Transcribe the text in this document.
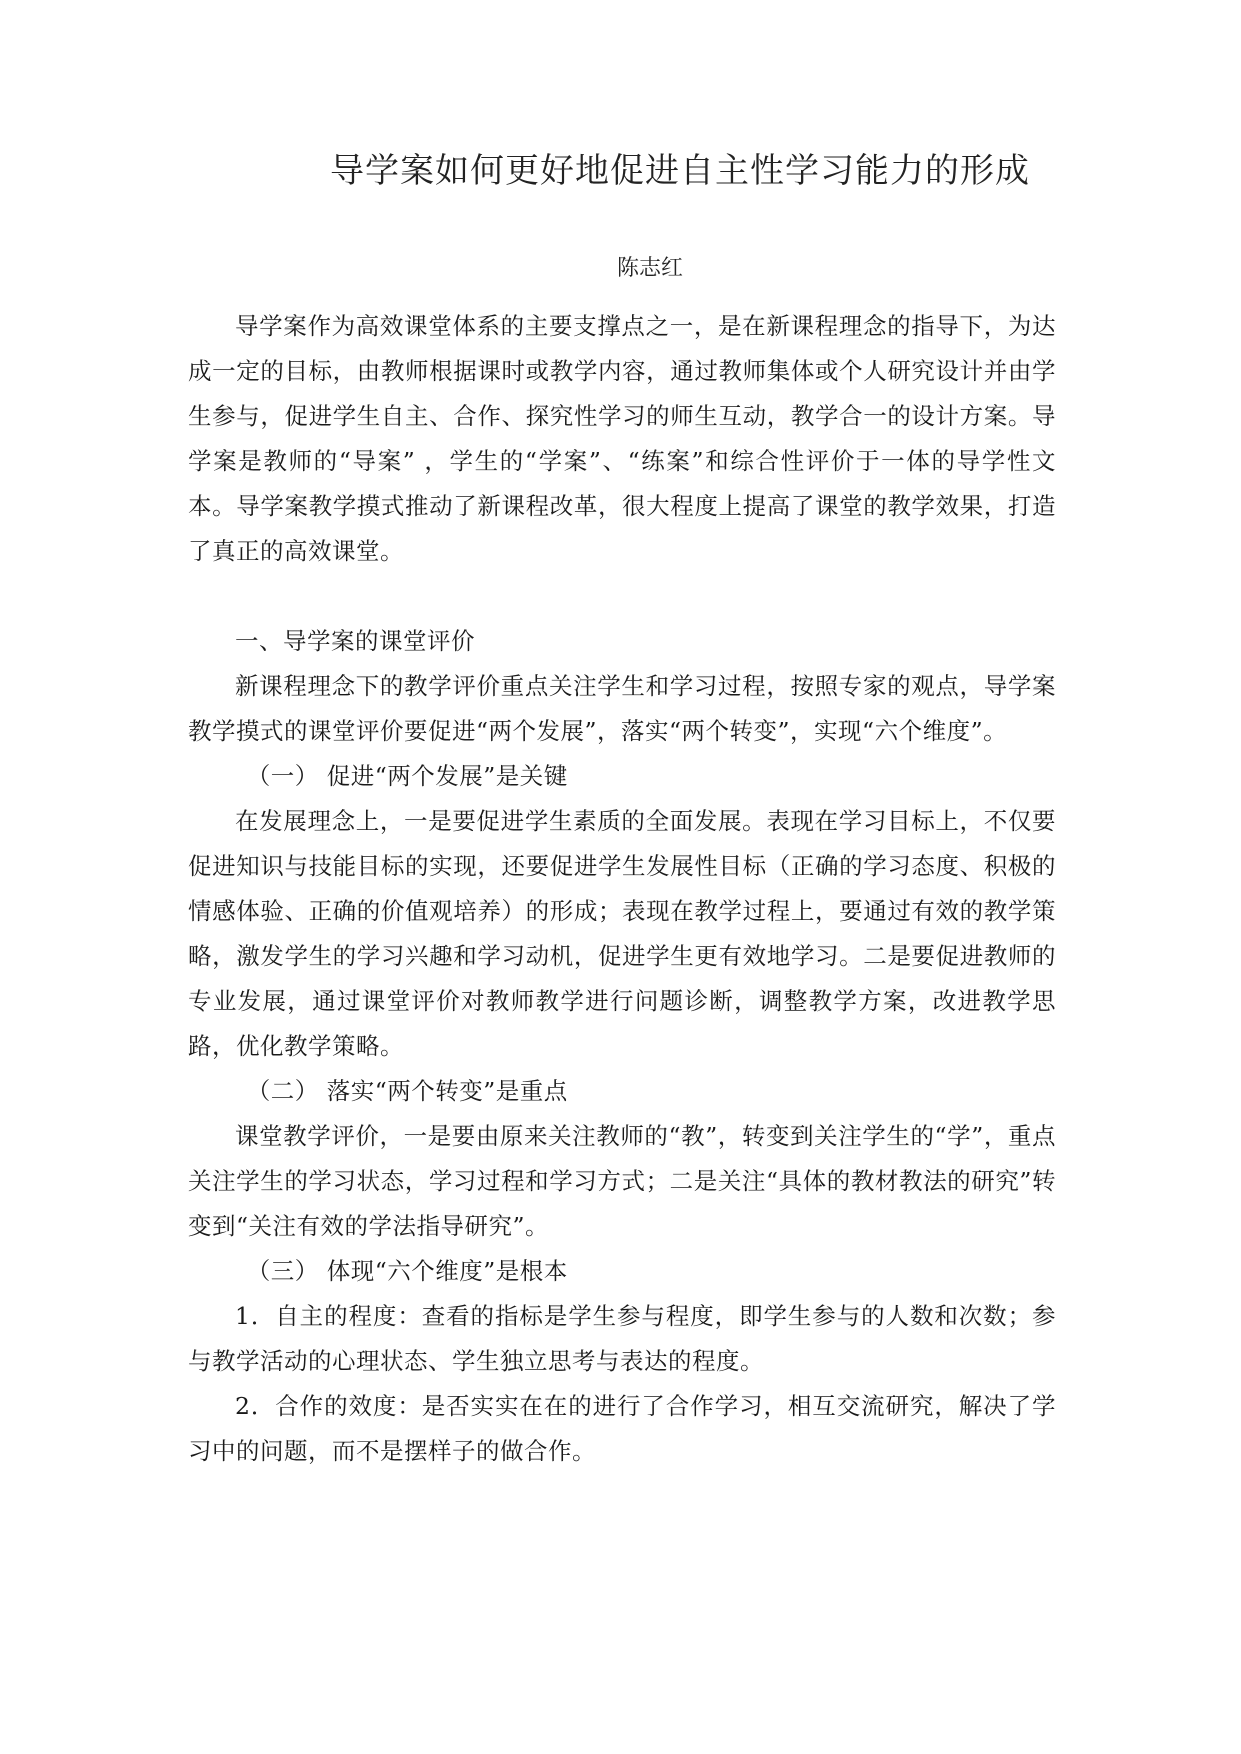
导学案如何更好地促进自主性学习能力的形成
陈志红

导学案作为高效课堂体系的主要支撑点之一，是在新课程理念的指导下，为达成一定的目标，由教师根据课时或教学内容，通过教师集体或个人研究设计并由学生参与，促进学生自主、合作、探究性学习的师生互动，教学合一的设计方案。导学案是教师的“导案” ，学生的“学案”、“练案”和综合性评价于一体的导学性文本。导学案教学摸式推动了新课程改革，很大程度上提高了课堂的教学效果，打造了真正的高效课堂。

一、导学案的课堂评价

新课程理念下的教学评价重点关注学生和学习过程，按照专家的观点，导学案教学摸式的课堂评价要促进“两个发展”，落实“两个转变”，实现“六个维度”。

（一） 促进“两个发展”是关键

在发展理念上，一是要促进学生素质的全面发展。表现在学习目标上，不仅要促进知识与技能目标的实现，还要促进学生发展性目标（正确的学习态度、积极的情感体验、正确的价值观培养）的形成；表现在教学过程上，要通过有效的教学策略，激发学生的学习兴趣和学习动机，促进学生更有效地学习。二是要促进教师的专业发展，通过课堂评价对教师教学进行问题诊断，调整教学方案，改进教学思路，优化教学策略。

（二） 落实“两个转变”是重点

课堂教学评价，一是要由原来关注教师的“教”，转变到关注学生的“学”，重点关注学生的学习状态，学习过程和学习方式；二是关注“具体的教材教法的研究”转变到“关注有效的学法指导研究”。

（三） 体现“六个维度”是根本

1．自主的程度：查看的指标是学生参与程度，即学生参与的人数和次数；参与教学活动的心理状态、学生独立思考与表达的程度。

2．合作的效度：是否实实在在的进行了合作学习，相互交流研究，解决了学习中的问题，而不是摆样子的做合作。
